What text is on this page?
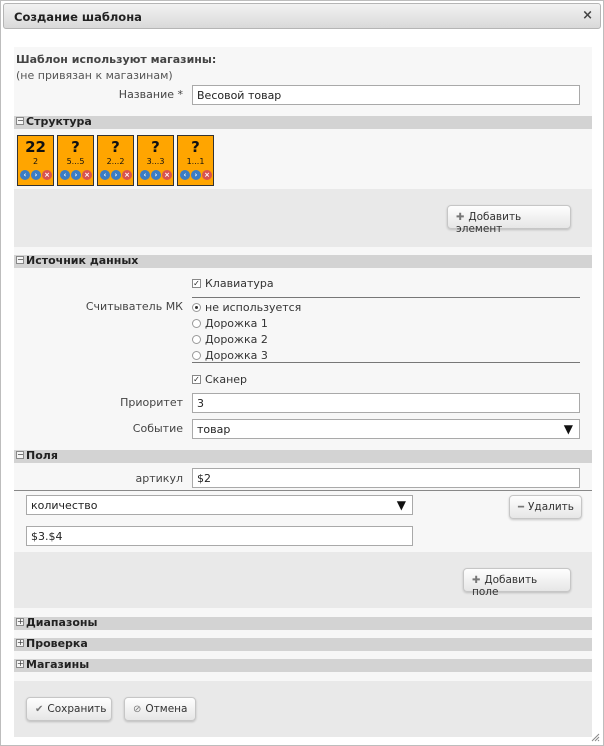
Создание шаблона	×
Шаблон используют магазины:
(не привязан к магазинам)
Название *
Весовой товар
− Структура
22
2
‹	› ×
?
5...5
‹	› ×
?
2...2
‹	› ×
?
3...3
‹	› ×
?
1...1
‹	› ×
✚ Добавить элемент
− Источник данных
✓ Клавиатура
Считыватель МК не используется
Дорожка 1
Дорожка 2
Дорожка 3
✓ Сканер
Приоритет
3
Событие	товар	▼
− Поля
артикул
$2
количество	▼	━ Удалить
$3.$4
✚ Добавить поле
+ Диапазоны
+ Проверка
+ Магазины
✔ Сохранить	⊘ Отмена
